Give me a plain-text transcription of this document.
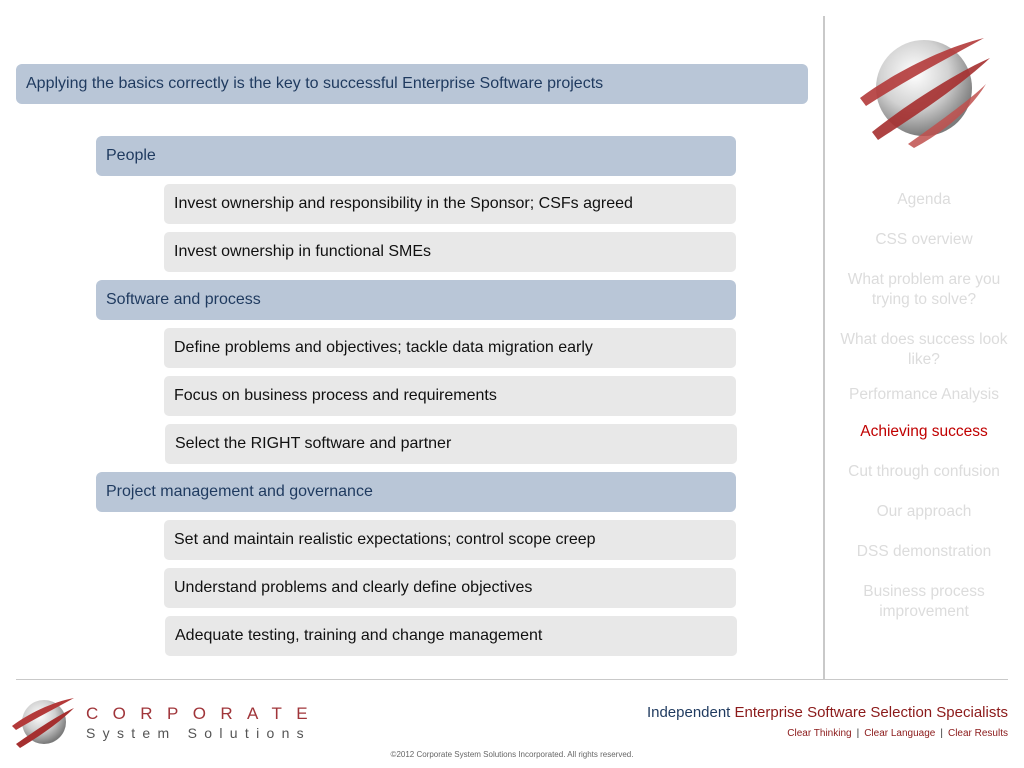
Applying the basics correctly is the key to successful Enterprise Software projects
People
Invest ownership and responsibility in the Sponsor; CSFs agreed
Invest ownership in functional SMEs
Software and process
Define problems and objectives; tackle data migration early
Focus on business process and requirements
Select the RIGHT software and partner
Project management and governance
Set and maintain realistic expectations; control scope creep
Understand problems and clearly define objectives
Adequate testing, training and change management
Agenda
CSS overview
What problem are you trying to solve?
What does success look like?
Performance Analysis
Achieving success
Cut through confusion
Our approach
DSS demonstration
Business process improvement
CORPORATE
System Solutions
Independent Enterprise Software Selection Specialists
Clear Thinking | Clear Language | Clear Results
©2012 Corporate System Solutions Incorporated. All rights reserved.
